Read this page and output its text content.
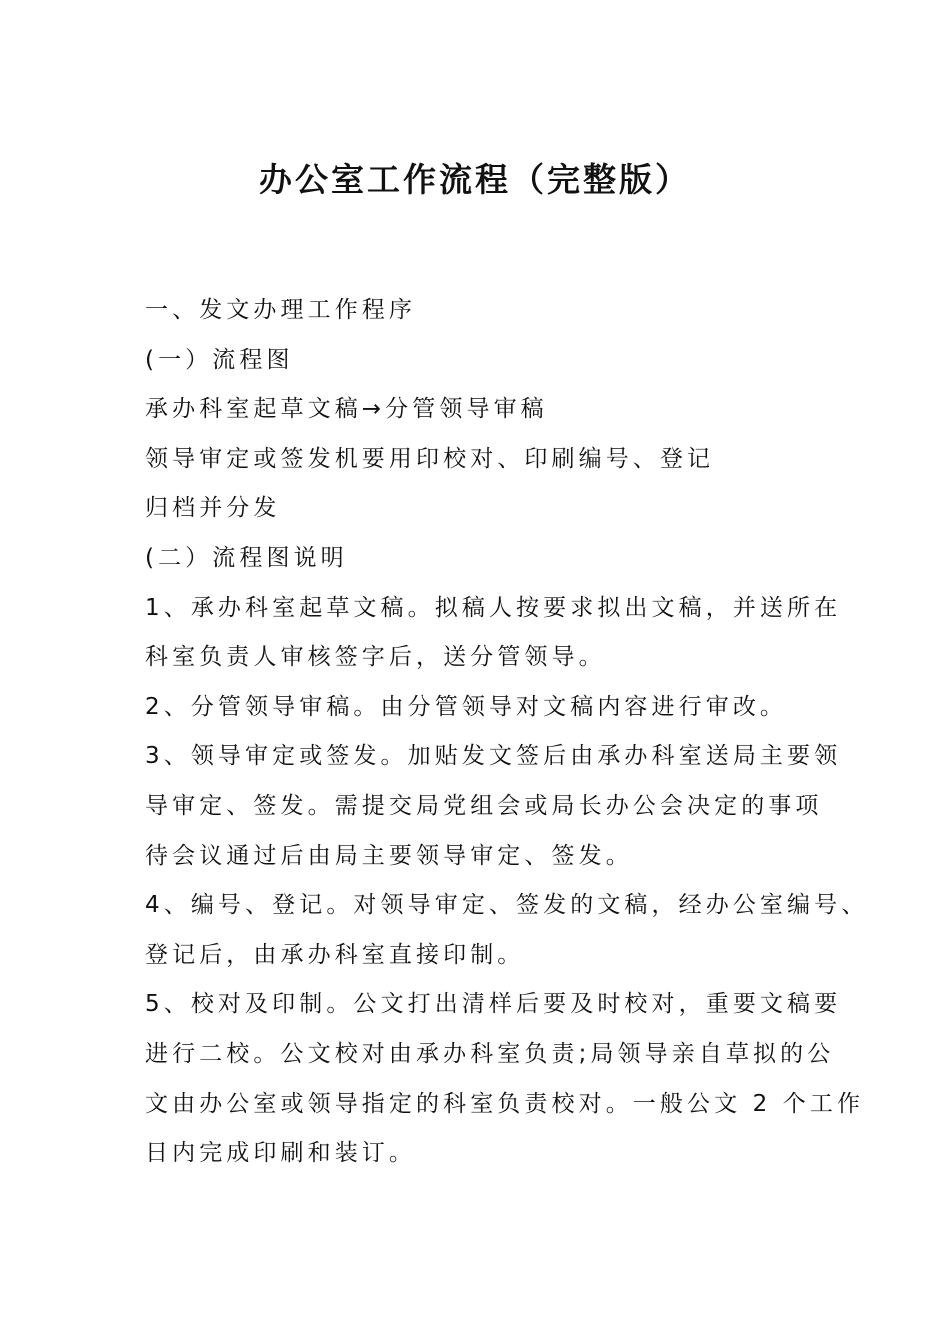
办公室工作流程（完整版）

一、发文办理工作程序

(一）流程图

承办科室起草文稿→分管领导审稿

领导审定或签发机要用印校对、印刷编号、登记

归档并分发

(二）流程图说明

1、承办科室起草文稿。拟稿人按要求拟出文稿，并送所在

科室负责人审核签字后，送分管领导。

2、分管领导审稿。由分管领导对文稿内容进行审改。

3、领导审定或签发。加贴发文签后由承办科室送局主要领

导审定、签发。需提交局党组会或局长办公会决定的事项

待会议通过后由局主要领导审定、签发。

4、编号、登记。对领导审定、签发的文稿，经办公室编号、

登记后，由承办科室直接印制。

5、校对及印制。公文打出清样后要及时校对，重要文稿要

进行二校。公文校对由承办科室负责;局领导亲自草拟的公

文由办公室或领导指定的科室负责校对。一般公文 2 个工作

日内完成印刷和装订。
